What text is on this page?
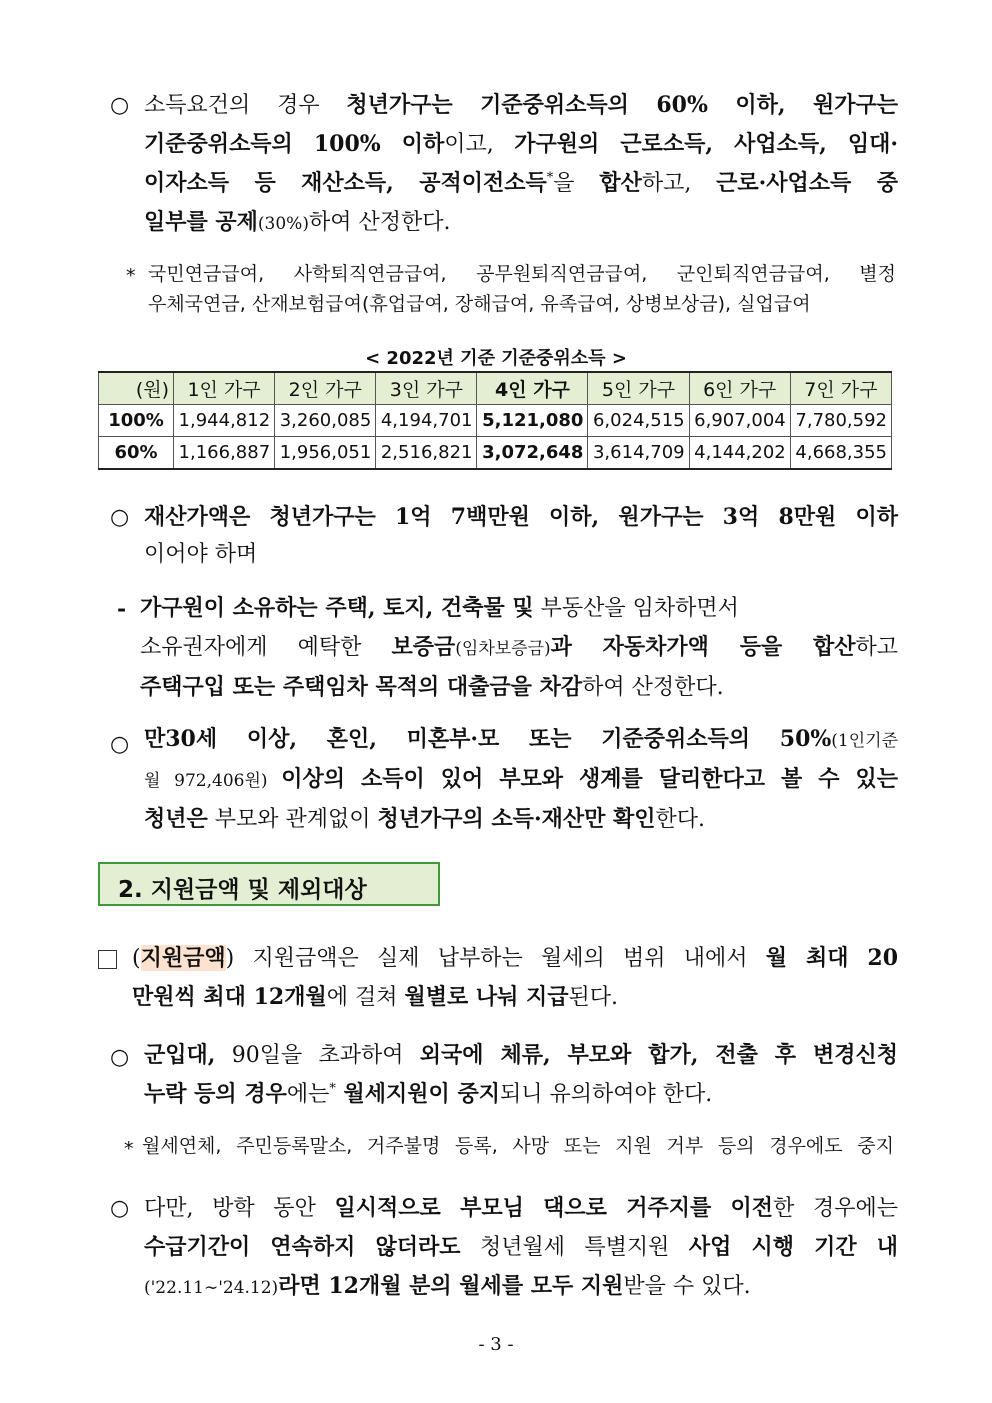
○ 소득요건의 경우 청년가구는 기준중위소득의 60% 이하, 원가구는
기준중위소득의 100% 이하이고, 가구원의 근로소득, 사업소득, 임대·
이자소득 등 재산소득, 공적이전소득*을 합산하고, 근로·사업소득 중
일부를 공제(30%)하여 산정한다.
* 국민연금급여, 사학퇴직연금급여, 공무원퇴직연금급여, 군인퇴직연금급여, 별정
우체국연금, 산재보험급여(휴업급여, 장해급여, 유족급여, 상병보상금), 실업급여
< 2022년 기준 기준중위소득 >
(원)	1인 가구	2인 가구	3인 가구	4인 가구	5인 가구	6인 가구	7인 가구
100%	1,944,812	3,260,085	4,194,701	5,121,080	6,024,515	6,907,004	7,780,592
60%	1,166,887	1,956,051	2,516,821	3,072,648	3,614,709	4,144,202	4,668,355
○ 재산가액은 청년가구는 1억 7백만원 이하, 원가구는 3억 8만원 이하
이어야 하며
- 가구원이 소유하는 주택, 토지, 건축물 및 부동산을 임차하면서
소유권자에게 예탁한 보증금(임차보증금)과 자동차가액 등을 합산하고
주택구입 또는 주택임차 목적의 대출금을 차감하여 산정한다.
○ 만30세 이상, 혼인, 미혼부·모 또는 기준중위소득의 50%(1인기준
월 972,406원) 이상의 소득이 있어 부모와 생계를 달리한다고 볼 수 있는
청년은 부모와 관계없이 청년가구의 소득·재산만 확인한다.
2. 지원금액 및 제외대상
(지원금액) 지원금액은 실제 납부하는 월세의 범위 내에서 월 최대 20
만원씩 최대 12개월에 걸쳐 월별로 나눠 지급된다.
○ 군입대, 90일을 초과하여 외국에 체류, 부모와 합가, 전출 후 변경신청
누락 등의 경우에는* 월세지원이 중지되니 유의하여야 한다.
* 월세연체, 주민등록말소, 거주불명 등록, 사망 또는 지원 거부 등의 경우에도 중지
○ 다만, 방학 동안 일시적으로 부모님 댁으로 거주지를 이전한 경우에는
수급기간이 연속하지 않더라도 청년월세 특별지원 사업 시행 기간 내
('22.11∼'24.12)라면 12개월 분의 월세를 모두 지원받을 수 있다.
- 3 -
